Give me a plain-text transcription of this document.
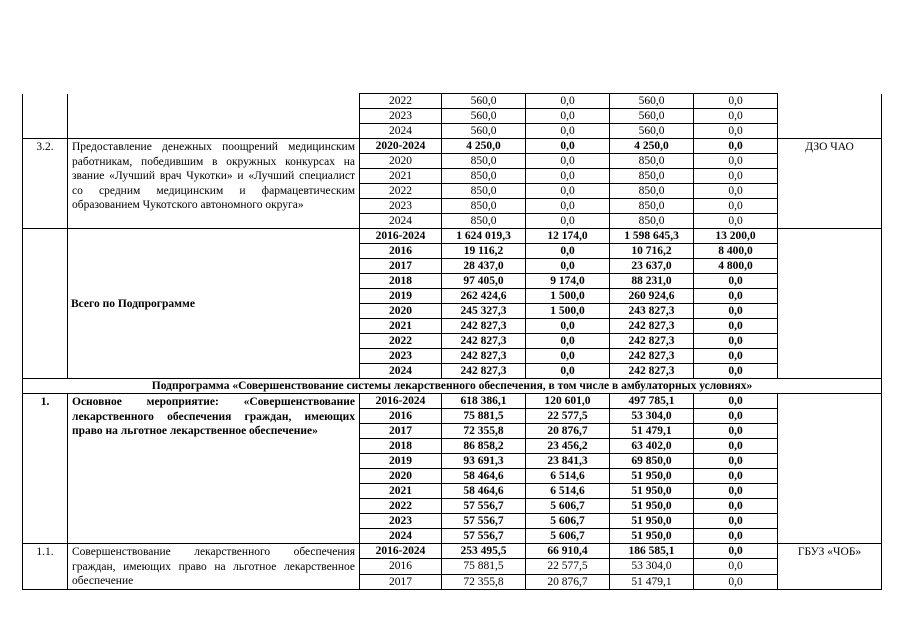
		2022	560,0	0,0	560,0	0,0	
		2023	560,0	0,0	560,0	0,0	
		2024	560,0	0,0	560,0	0,0	
3.2.	Предоставление денежных поощрений медицинским работникам, победившим в окружных конкурсах на звание «Лучший врач Чукотки» и «Лучший специалист со средним медицинским и фармацевтическим образованием Чукотского автономного округа»	2020-2024	4 250,0	0,0	4 250,0	0,0	ДЗО ЧАО
		2020	850,0	0,0	850,0	0,0	
		2021	850,0	0,0	850,0	0,0	
		2022	850,0	0,0	850,0	0,0	
		2023	850,0	0,0	850,0	0,0	
		2024	850,0	0,0	850,0	0,0	
	Всего по Подпрограмме	2016-2024	1 624 019,3	12 174,0	1 598 645,3	13 200,0	
		2016	19 116,2	0,0	10 716,2	8 400,0	
		2017	28 437,0	0,0	23 637,0	4 800,0	
		2018	97 405,0	9 174,0	88 231,0	0,0	
		2019	262 424,6	1 500,0	260 924,6	0,0	
		2020	245 327,3	1 500,0	243 827,3	0,0	
		2021	242 827,3	0,0	242 827,3	0,0	
		2022	242 827,3	0,0	242 827,3	0,0	
		2023	242 827,3	0,0	242 827,3	0,0	
		2024	242 827,3	0,0	242 827,3	0,0	
Подпрограмма «Совершенствование системы лекарственного обеспечения, в том числе в амбулаторных условиях»							
1.	Основное мероприятие: «Совершенствование лекарственного обеспечения граждан, имеющих право на льготное лекарственное обеспечение»	2016-2024	618 386,1	120 601,0	497 785,1	0,0	
		2016	75 881,5	22 577,5	53 304,0	0,0	
		2017	72 355,8	20 876,7	51 479,1	0,0	
		2018	86 858,2	23 456,2	63 402,0	0,0	
		2019	93 691,3	23 841,3	69 850,0	0,0	
		2020	58 464,6	6 514,6	51 950,0	0,0	
		2021	58 464,6	6 514,6	51 950,0	0,0	
		2022	57 556,7	5 606,7	51 950,0	0,0	
		2023	57 556,7	5 606,7	51 950,0	0,0	
		2024	57 556,7	5 606,7	51 950,0	0,0	
1.1.	Совершенствование лекарственного обеспечения граждан, имеющих право на льготное лекарственное обеспечение	2016-2024	253 495,5	66 910,4	186 585,1	0,0	ГБУЗ «ЧОБ»
		2016	75 881,5	22 577,5	53 304,0	0,0	
		2017	72 355,8	20 876,7	51 479,1	0,0	
